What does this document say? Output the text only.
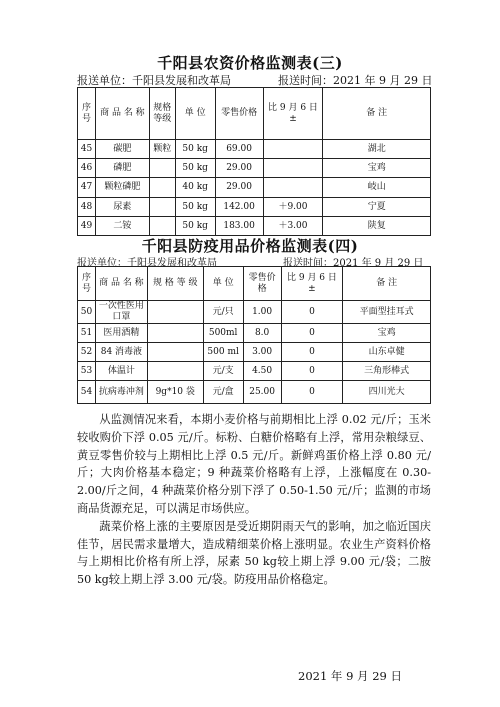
千阳县农资价格监测表(三)
报送单位：千阳县发展和改革局	报送时间：2021 年 9 月 29 日
序号	商 品 名 称	规格等级	单 位	零售价格	比 9 月 6 日±	备 注
45	碳肥	颗粒	50 kg	69.00		湖北
46	磷肥		50 kg	29.00		宝鸡
47	颗粒磷肥		40 kg	29.00		岐山
48	尿素		50 kg	142.00	＋9.00	宁夏
49	二铵		50 kg	183.00	＋3.00	陕复
千阳县防疫用品价格监测表(四)
报送单位：千阳县发展和改革局	报送时间：2021 年 9 月 29 日
序号	商 品 名 称	规 格 等 级	单 位	零售价格	比 9 月 6 日±	备 注
50	一次性医用口罩		元/只	1.00	0	平面型挂耳式
51	医用酒精		500ml	8.0	0	宝鸡
52	84 消毒液		500 ml	3.00	0	山东卓健
53	体温计		元/支	4.50	0	三角形棒式
54	抗病毒冲剂	9g*10 袋	元/盒	25.00	0	四川光大

从监测情况来看，本期小麦价格与前期相比上浮 0.02 元/斤；玉米较收购价下浮 0.05 元/斤。标粉、白糖价格略有上浮，常用杂粮绿豆、黄豆零售价较与上期相比上浮 0.5 元/斤。新鲜鸡蛋价格上浮 0.80 元/斤；大肉价格基本稳定；9 种蔬菜价格略有上浮，上涨幅度在 0.30-2.00/斤之间，4 种蔬菜价格分别下浮了 0.50-1.50 元/斤；监测的市场商品货源充足，可以满足市场供应。

蔬菜价格上涨的主要原因是受近期阴雨天气的影响，加之临近国庆佳节，居民需求量增大，造成精细菜价格上涨明显。农业生产资料价格与上期相比价格有所上浮，尿素 50 kg较上期上浮 9.00 元/袋；二胺 50 kg较上期上浮 3.00 元/袋。防疫用品价格稳定。

2021 年 9 月 29 日
